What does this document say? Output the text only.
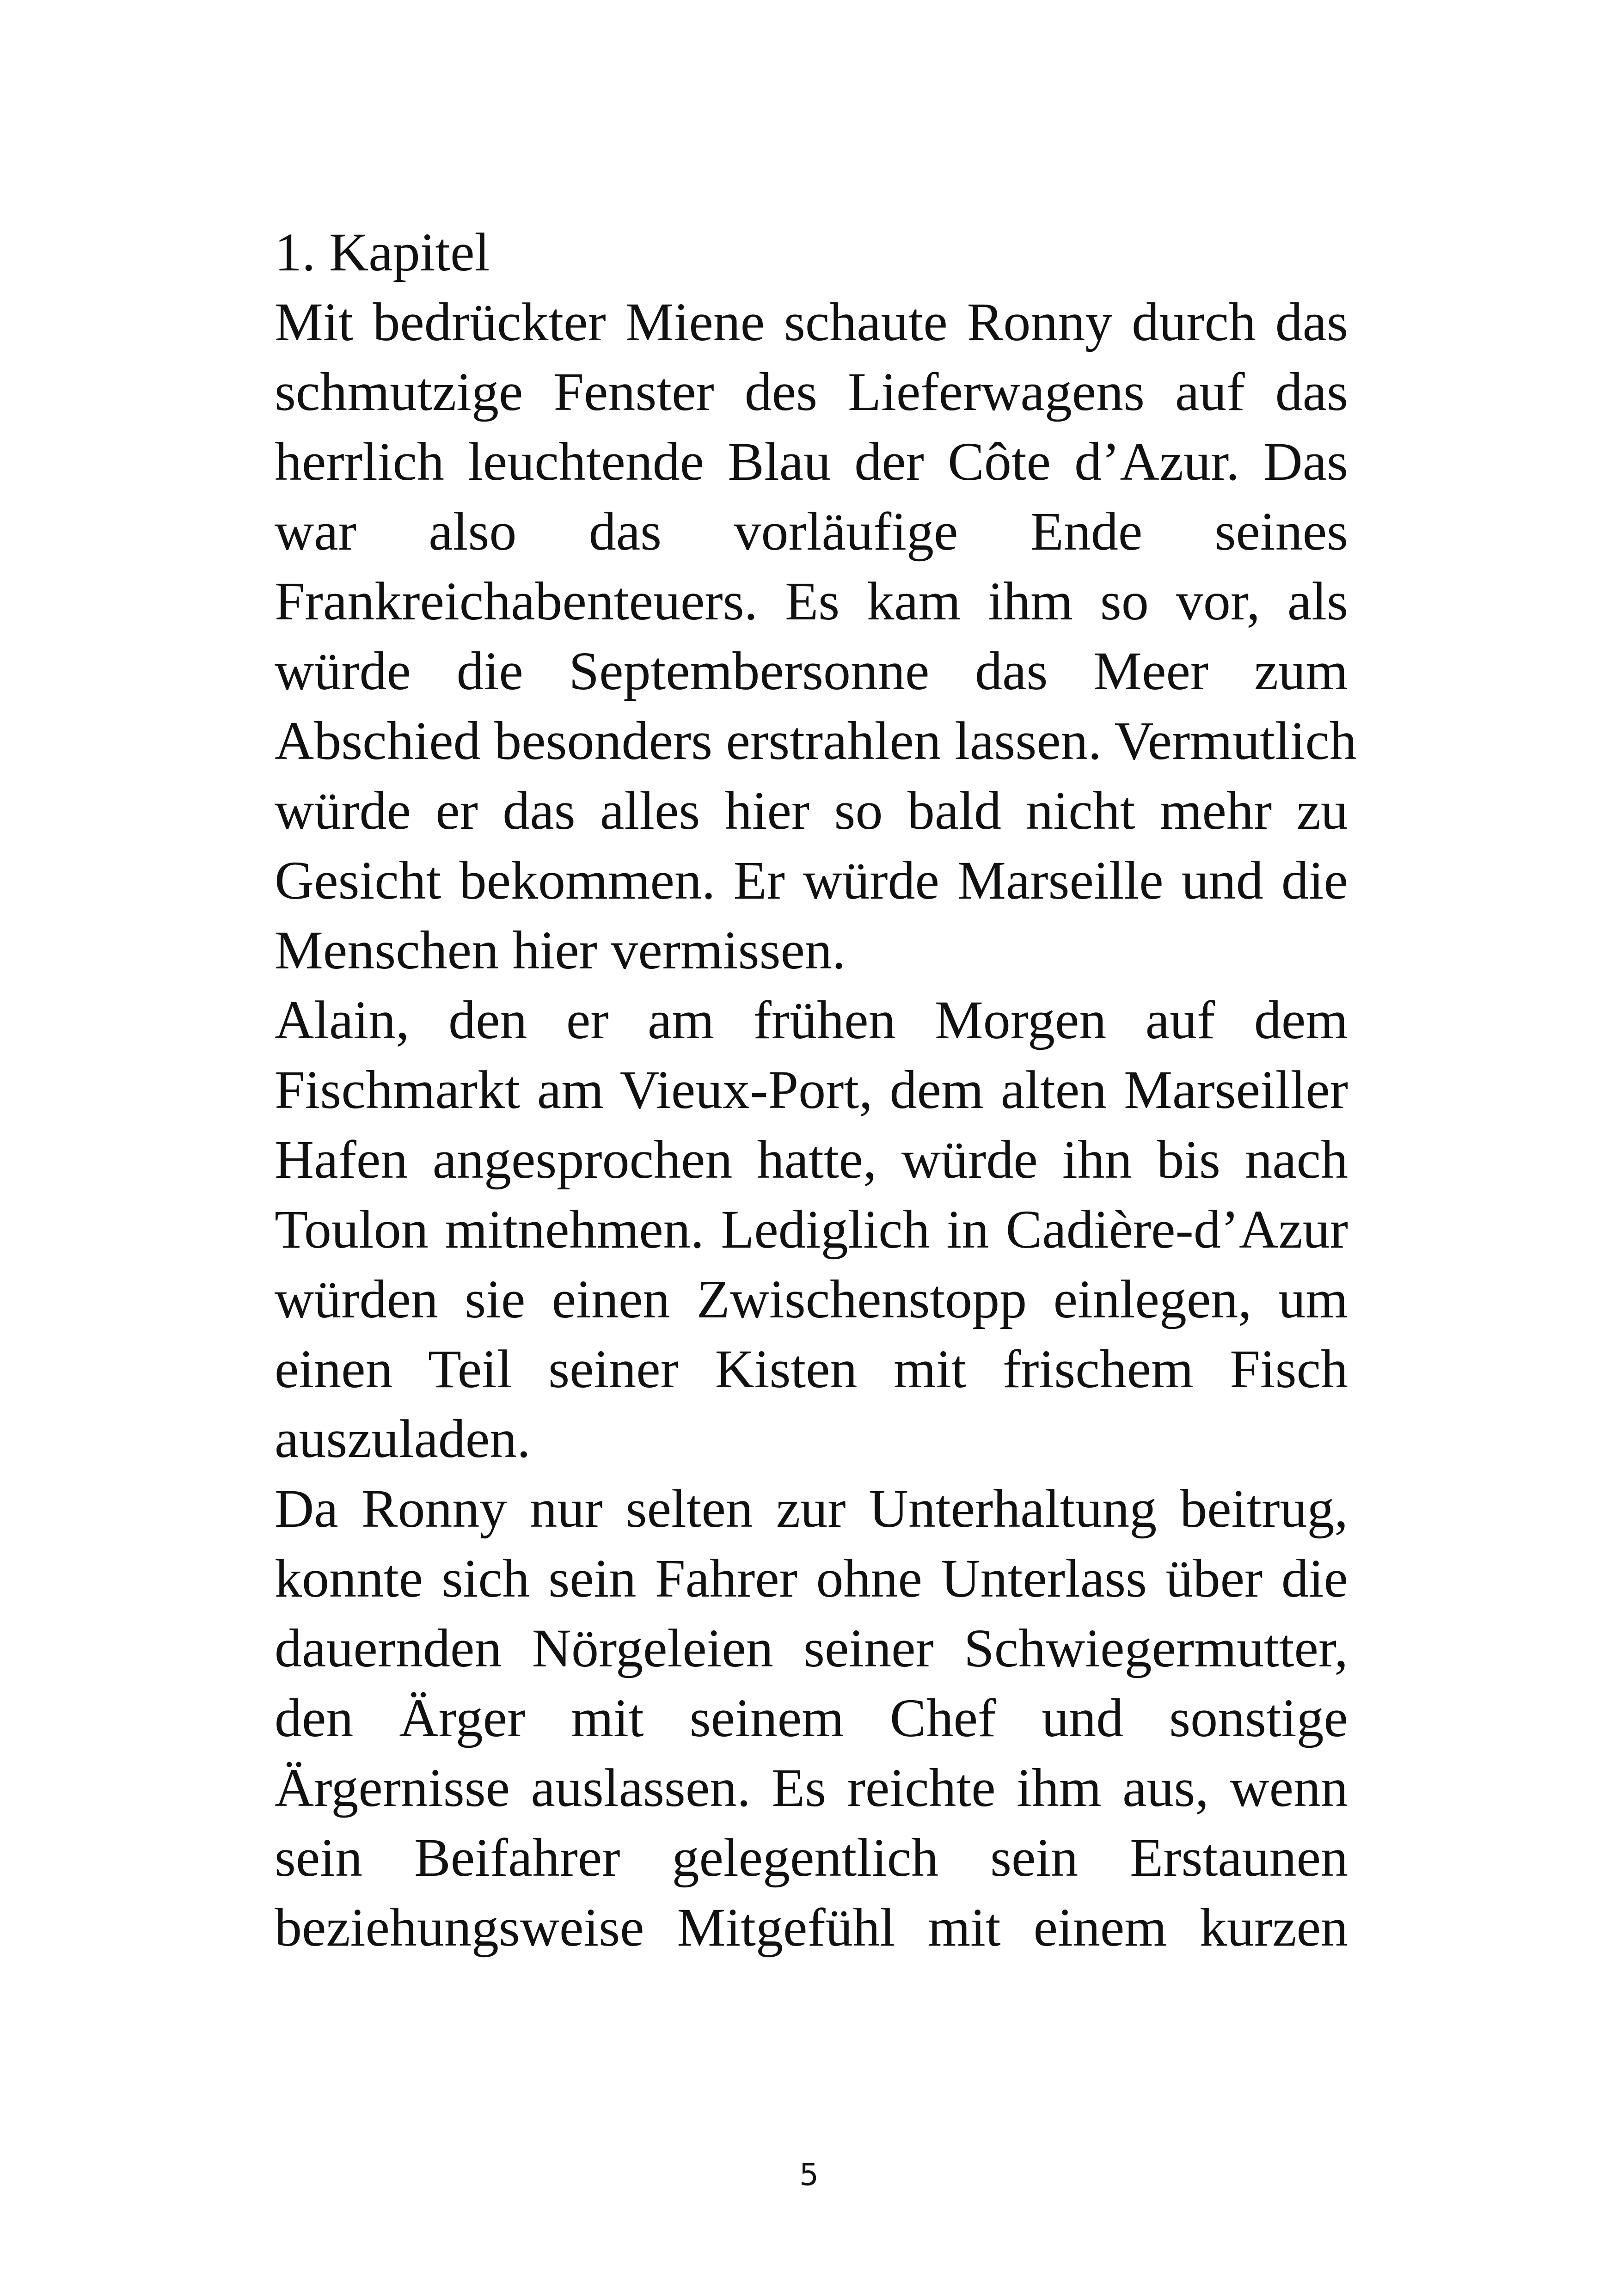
1. Kapitel
Mit bedrückter Miene schaute Ronny durch das
schmutzige Fenster des Lieferwagens auf das
herrlich leuchtende Blau der Côte d’Azur. Das
war also das vorläufige Ende seines
Frankreichabenteuers. Es kam ihm so vor, als
würde die Septembersonne das Meer zum
Abschied besonders erstrahlen lassen. Vermutlich
würde er das alles hier so bald nicht mehr zu
Gesicht bekommen. Er würde Marseille und die
Menschen hier vermissen.
Alain, den er am frühen Morgen auf dem
Fischmarkt am Vieux-Port, dem alten Marseiller
Hafen angesprochen hatte, würde ihn bis nach
Toulon mitnehmen. Lediglich in Cadière-d’Azur
würden sie einen Zwischenstopp einlegen, um
einen Teil seiner Kisten mit frischem Fisch
auszuladen.
Da Ronny nur selten zur Unterhaltung beitrug,
konnte sich sein Fahrer ohne Unterlass über die
dauernden Nörgeleien seiner Schwiegermutter,
den Ärger mit seinem Chef und sonstige
Ärgernisse auslassen. Es reichte ihm aus, wenn
sein Beifahrer gelegentlich sein Erstaunen
beziehungsweise Mitgefühl mit einem kurzen
5
